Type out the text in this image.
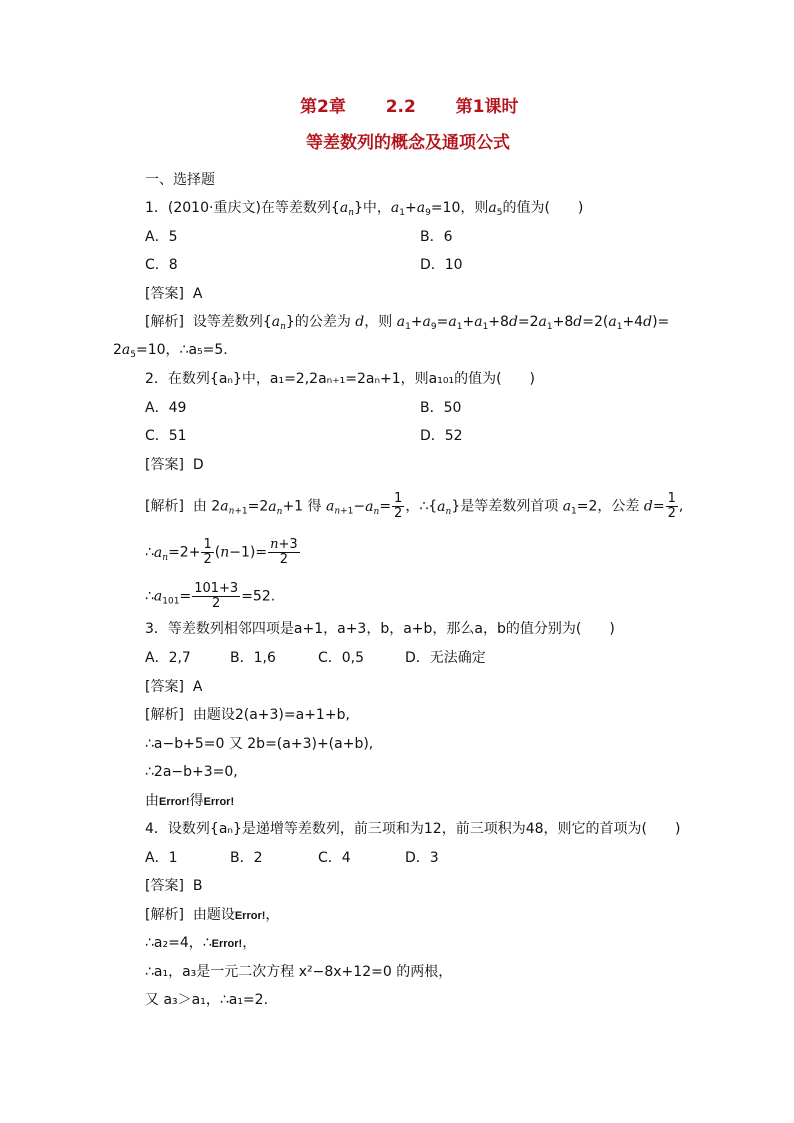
第2章 2.2 第1课时
等差数列的概念及通项公式
一、选择题
1．(2010·重庆文)在等差数列$\{a_n\}$中，$a_1+a_9=10$，则$a_5$的值为(　　)
A．5	B．6
C．8	D．10
[答案] A
[解析] 设等差数列$\{a_n\}$的公差为 d，则 $a_1+a_9=a_1+a_1+8d=2a_1+8d=2(a_1+4d)=$
$2a_5=10$，∴a₅=5.
2．在数列{aₙ}中，a₁=2,2aₙ₊₁=2aₙ+1，则a₁₀₁的值为(　　)
A．49	B．50
C．51	D．52
[答案] D
[解析] 由 $2a_{n+1}=2a_n+1$ 得 $a_{n+1}-a_n= \frac{1}{2}$ ，$\therefore\{a_n\}$是等差数列首项 $a_1=2$，公差 $d= \frac{1}{2}$ ,
$\therefore a_n=2+ \frac{1}{2} (n-1)= \frac{n+3}{2}$
$\therefore a_{101}= \frac{101+3}{2} =52$.
3．等差数列相邻四项是a+1，a+3，b，a+b，那么a，b的值分别为(　　)
A．2,7	B．1,6	C．0,5	D．无法确定
[答案] A
[解析] 由题设2(a+3)=a+1+b,
∴a−b+5=0 又 2b=(a+3)+(a+b),
∴2a−b+3=0,
由Error!得Error!
4．设数列{aₙ}是递增等差数列，前三项和为12，前三项积为48，则它的首项为(　　)
A．1	B．2	C．4	D．3
[答案] B
[解析] 由题设Error!，
∴a₂=4，∴Error!，
∴a₁，a₃是一元二次方程 x²−8x+12=0 的两根，
又 a₃＞a₁，∴a₁=2.
